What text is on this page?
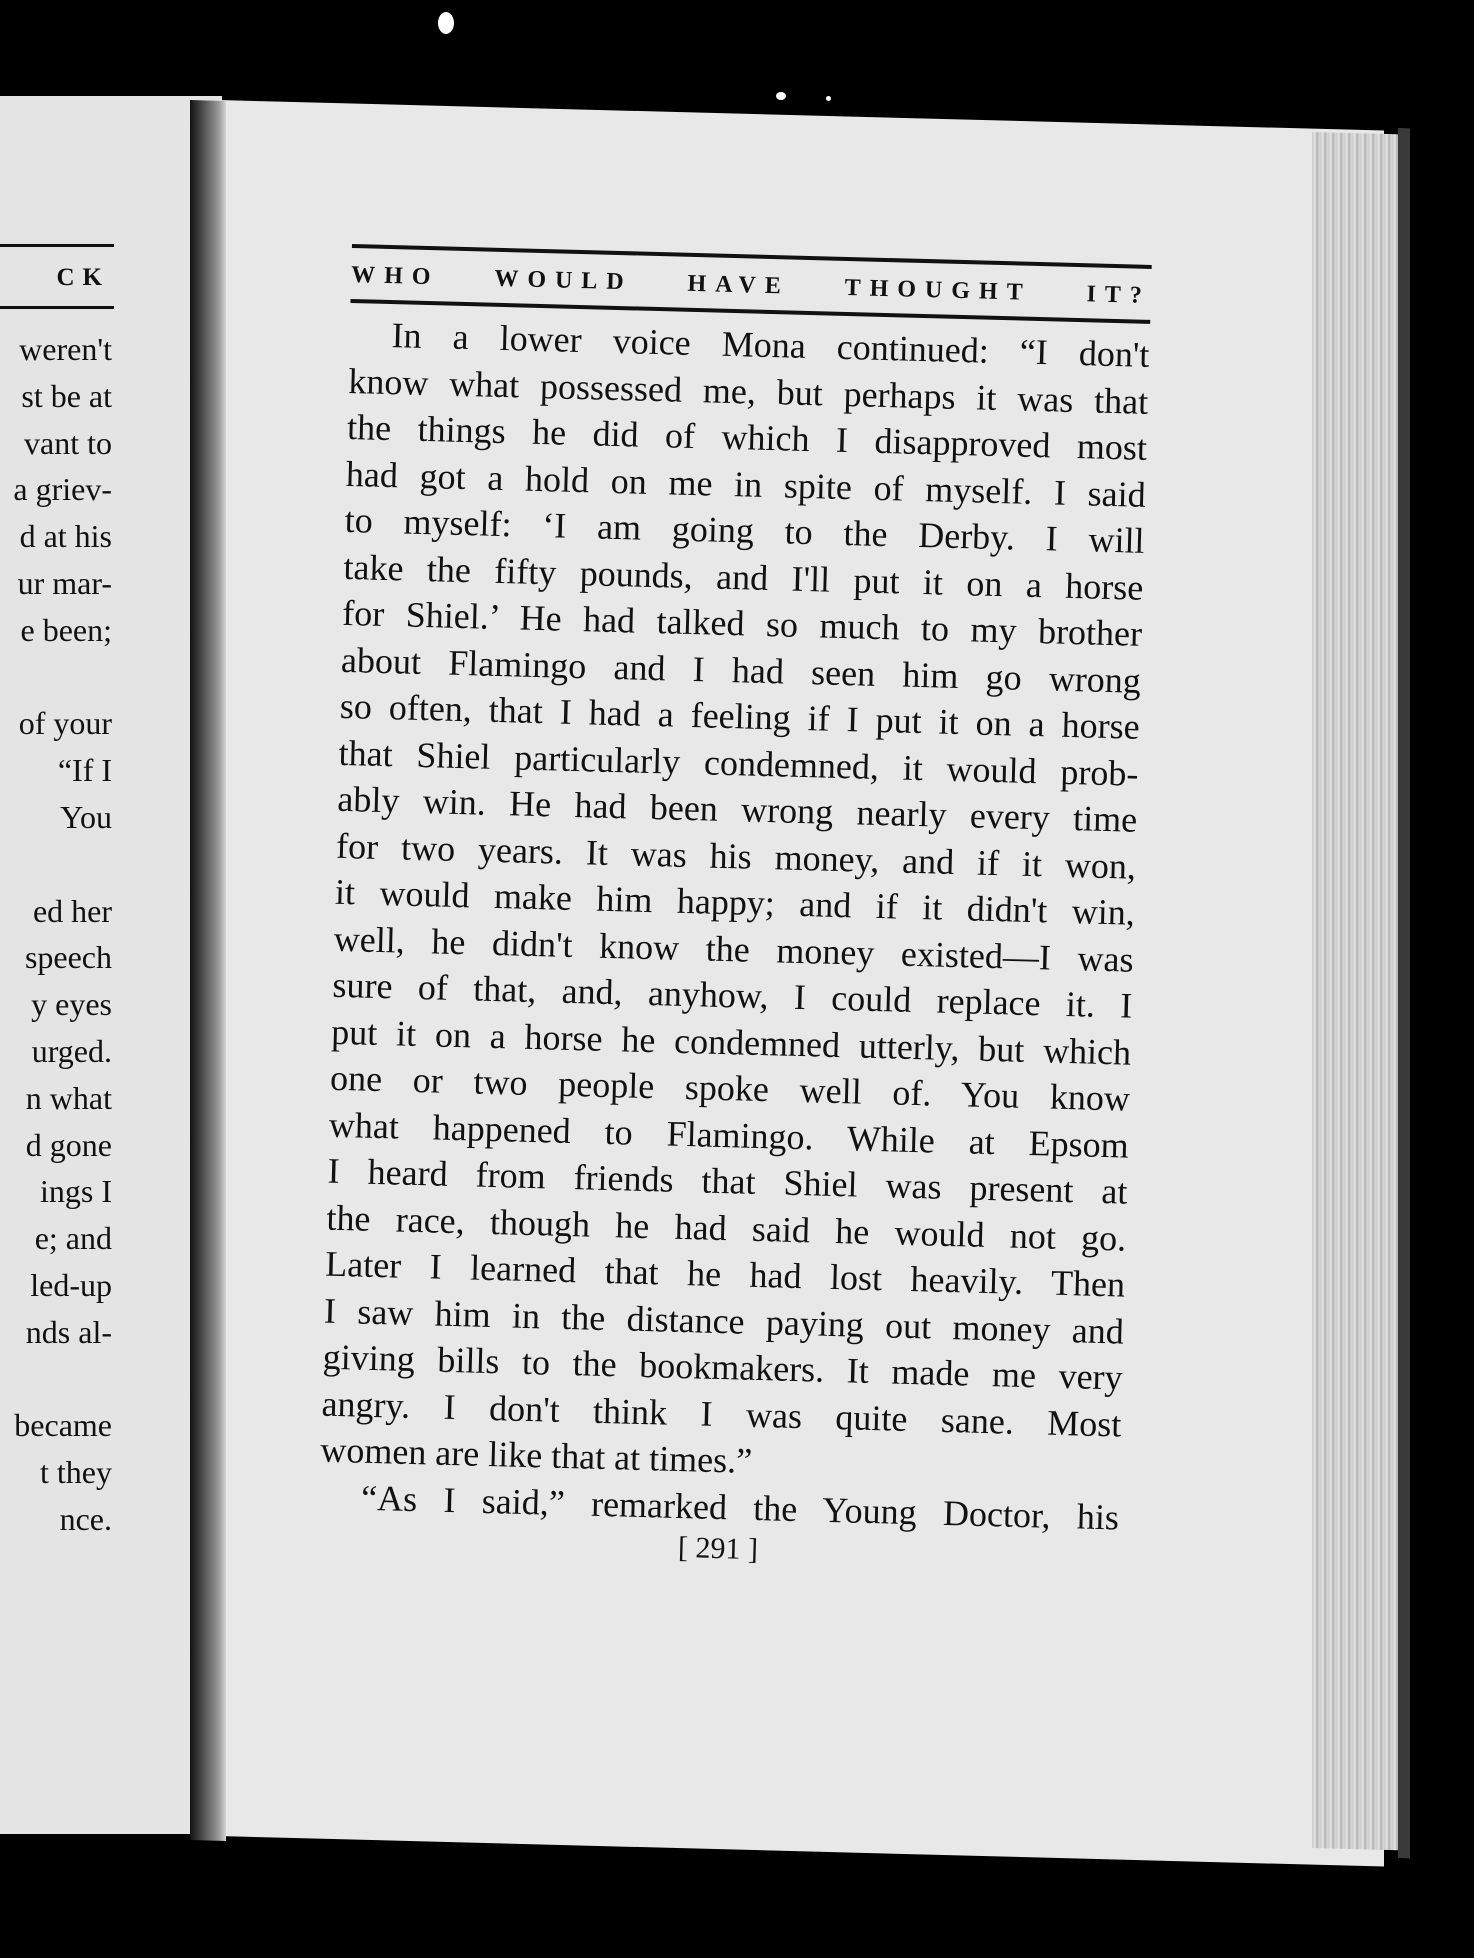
CK
weren't
st be at
vant to
a griev-
d at his
ur mar-
e been;
of your
“If I
You
ed her
speech
y eyes
urged.
n what
d gone
ings I
e; and
led-up
nds al-
became
t they
nce.
WHO WOULD HAVE THOUGHT IT?
In a lower voice Mona continued: “I don't
know what possessed me, but perhaps it was that
the things he did of which I disapproved most
had got a hold on me in spite of myself. I said
to myself: ‘I am going to the Derby. I will
take the fifty pounds, and I'll put it on a horse
for Shiel.’ He had talked so much to my brother
about Flamingo and I had seen him go wrong
so often, that I had a feeling if I put it on a horse
that Shiel particularly condemned, it would prob-
ably win. He had been wrong nearly every time
for two years. It was his money, and if it won,
it would make him happy; and if it didn't win,
well, he didn't know the money existed—I was
sure of that, and, anyhow, I could replace it. I
put it on a horse he condemned utterly, but which
one or two people spoke well of. You know
what happened to Flamingo. While at Epsom
I heard from friends that Shiel was present at
the race, though he had said he would not go.
Later I learned that he had lost heavily. Then
I saw him in the distance paying out money and
giving bills to the bookmakers. It made me very
angry. I don't think I was quite sane. Most
women are like that at times.”
“As I said,” remarked the Young Doctor, his
[ 291 ]
